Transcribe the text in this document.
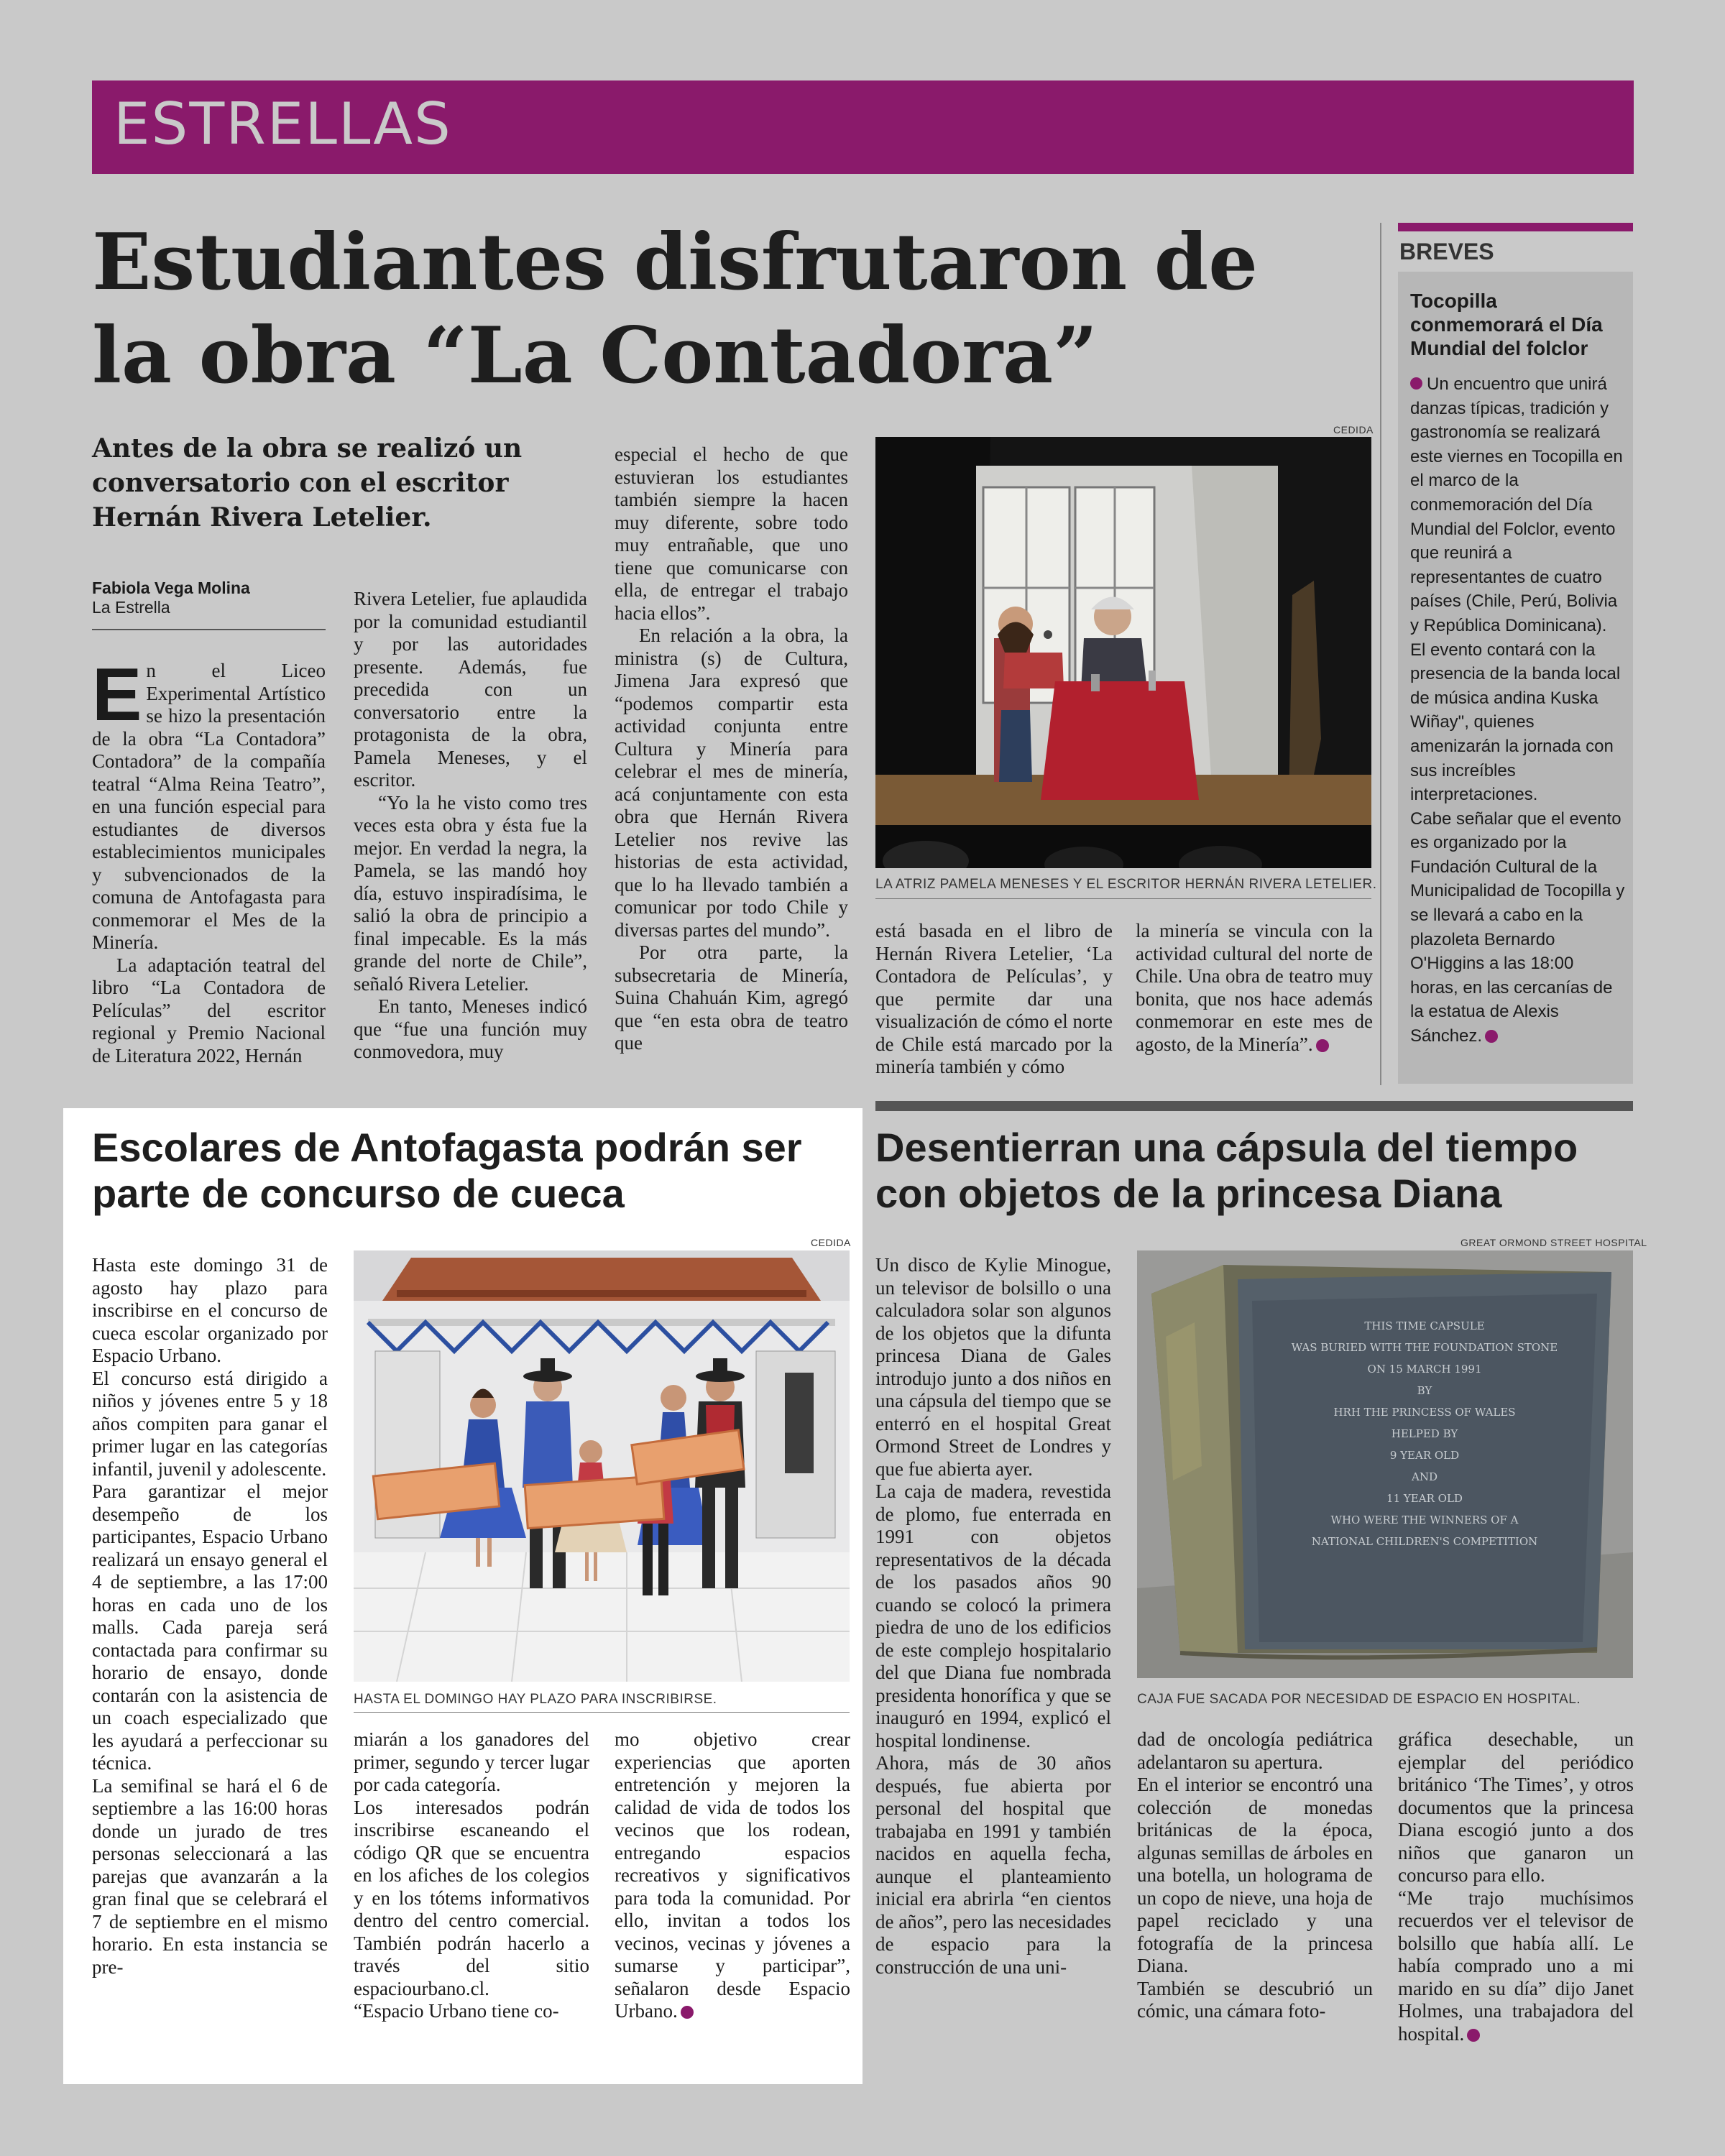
ESTRELLAS
Estudiantes disfrutaron de la obra “La Contadora”
Antes de la obra se realizó un conversatorio con el escritor Hernán Rivera Letelier.
Fabiola Vega Molina
La Estrella

En el Liceo Experimental Artístico se hizo la presentación de la obra “La Contadora” Contadora” de la compañía teatral “Alma Reina Teatro”, en una función especial para estudiantes de diversos establecimientos municipales y subvencionados de la comuna de Antofagasta para conmemorar el Mes de la Minería.

La adaptación teatral del libro “La Contadora de Películas” del escritor regional y Premio Nacional de Literatura 2022, Hernán

Rivera Letelier, fue aplaudida por la comunidad estudiantil y por las autoridades presente. Además, fue precedida con un conversatorio entre la protagonista de la obra, Pamela Meneses, y el escritor.

“Yo la he visto como tres veces esta obra y ésta fue la mejor. En verdad la negra, la Pamela, se las mandó hoy día, estuvo inspiradísima, le salió la obra de principio a final impecable. Es la más grande del norte de Chile”, señaló Rivera Letelier.

En tanto, Meneses indicó que “fue una función muy conmovedora, muy

especial el hecho de que estuvieran los estudiantes también siempre la hacen muy diferente, sobre todo muy entrañable, que uno tiene que comunicarse con ella, de entregar el trabajo hacia ellos”.

En relación a la obra, la ministra (s) de Cultura, Jimena Jara expresó que “podemos compartir esta actividad conjunta entre Cultura y Minería para celebrar el mes de minería, acá conjuntamente con esta obra que Hernán Rivera Letelier nos revive las historias de esta actividad, que lo ha llevado también a comunicar por todo Chile y diversas partes del mundo”.

Por otra parte, la subsecretaria de Minería, Suina Chahuán Kim, agregó que “en esta obra de teatro que

CEDIDA
LA ATRIZ PAMELA MENESES Y EL ESCRITOR HERNÁN RIVERA LETELIER.

está basada en el libro de Hernán Rivera Letelier, ‘La Contadora de Películas’, y que permite dar una visualización de cómo el norte de Chile está marcado por la minería también y cómo

la minería se vincula con la actividad cultural del norte de Chile. Una obra de teatro muy bonita, que nos hace además conmemorar en este mes de agosto, de la Minería”.

BREVES
Tocopilla conmemorará el Día Mundial del folclor

Un encuentro que unirá danzas típicas, tradición y gastronomía se realizará este viernes en Tocopilla en el marco de la conmemoración del Día Mundial del Folclor, evento que reunirá a representantes de cuatro países (Chile, Perú, Bolivia y República Dominicana).

El evento contará con la presencia de la banda local de música andina Kuska Wiñay", quienes amenizarán la jornada con sus increíbles interpretaciones.

Cabe señalar que el evento es organizado por la Fundación Cultural de la Municipalidad de Tocopilla y se llevará a cabo en la plazoleta Bernardo O'Higgins a las 18:00 horas, en las cercanías de la estatua de Alexis Sánchez.

Escolares de Antofagasta podrán ser parte de concurso de cueca

Hasta este domingo 31 de agosto hay plazo para inscribirse en el concurso de cueca escolar organizado por Espacio Urbano.

El concurso está dirigido a niños y jóvenes entre 5 y 18 años compiten para ganar el primer lugar en las categorías infantil, juvenil y adolescente.

Para garantizar el mejor desempeño de los participantes, Espacio Urbano realizará un ensayo general el 4 de septiembre, a las 17:00 horas en cada uno de los malls. Cada pareja será contactada para confirmar su horario de ensayo, donde contarán con la asistencia de un coach especializado que les ayudará a perfeccionar su técnica.

La semifinal se hará el 6 de septiembre a las 16:00 horas donde un jurado de tres personas seleccionará a las parejas que avanzarán a la gran final que se celebrará el 7 de septiembre en el mismo horario. En esta instancia se pre-

CEDIDA
HASTA EL DOMINGO HAY PLAZO PARA INSCRIBIRSE.

miarán a los ganadores del primer, segundo y tercer lugar por cada categoría.

Los interesados podrán inscribirse escaneando el código QR que se encuentra en los afiches de los colegios y en los tótems informativos dentro del centro comercial. También podrán hacerlo a través del sitio espaciourbano.cl.

“Espacio Urbano tiene co-

mo objetivo crear experiencias que aporten entretención y mejoren la calidad de vida de todos los vecinos que los rodean, entregando espacios recreativos y significativos para toda la comunidad. Por ello, invitan a todos los vecinos, vecinas y jóvenes a sumarse y participar”, señalaron desde Espacio Urbano.

Desentierran una cápsula del tiempo con objetos de la princesa Diana

Un disco de Kylie Minogue, un televisor de bolsillo o una calculadora solar son algunos de los objetos que la difunta princesa Diana de Gales introdujo junto a dos niños en una cápsula del tiempo que se enterró en el hospital Great Ormond Street de Londres y que fue abierta ayer.

La caja de madera, revestida de plomo, fue enterrada en 1991 con objetos representativos de la década de los pasados años 90 cuando se colocó la primera piedra de uno de los edificios de este complejo hospitalario del que Diana fue nombrada presidenta honorífica y que se inauguró en 1994, explicó el hospital londinense.

Ahora, más de 30 años después, fue abierta por personal del hospital que trabajaba en 1991 y también nacidos en aquella fecha, aunque el planteamiento inicial era abrirla “en cientos de años”, pero las necesidades de espacio para la construcción de una uni-

GREAT ORMOND STREET HOSPITAL
THIS TIME CAPSULE
WAS BURIED WITH THE FOUNDATION STONE
ON 15 MARCH 1991
BY
HRH THE PRINCESS OF WALES
HELPED BY
9 YEAR OLD
AND
11 YEAR OLD
WHO WERE THE WINNERS OF A
NATIONAL CHILDREN'S COMPETITION
CAJA FUE SACADA POR NECESIDAD DE ESPACIO EN HOSPITAL.

dad de oncología pediátrica adelantaron su apertura.

En el interior se encontró una colección de monedas británicas de la época, algunas semillas de árboles en una botella, un holograma de un copo de nieve, una hoja de papel reciclado y una fotografía de la princesa Diana.

También se descubrió un cómic, una cámara foto-

gráfica desechable, un ejemplar del periódico británico ‘The Times’, y otros documentos que la princesa Diana escogió junto a dos niños que ganaron un concurso para ello.

“Me trajo muchísimos recuerdos ver el televisor de bolsillo que había allí. Le había comprado uno a mi marido en su día” dijo Janet Holmes, una trabajadora del hospital.
